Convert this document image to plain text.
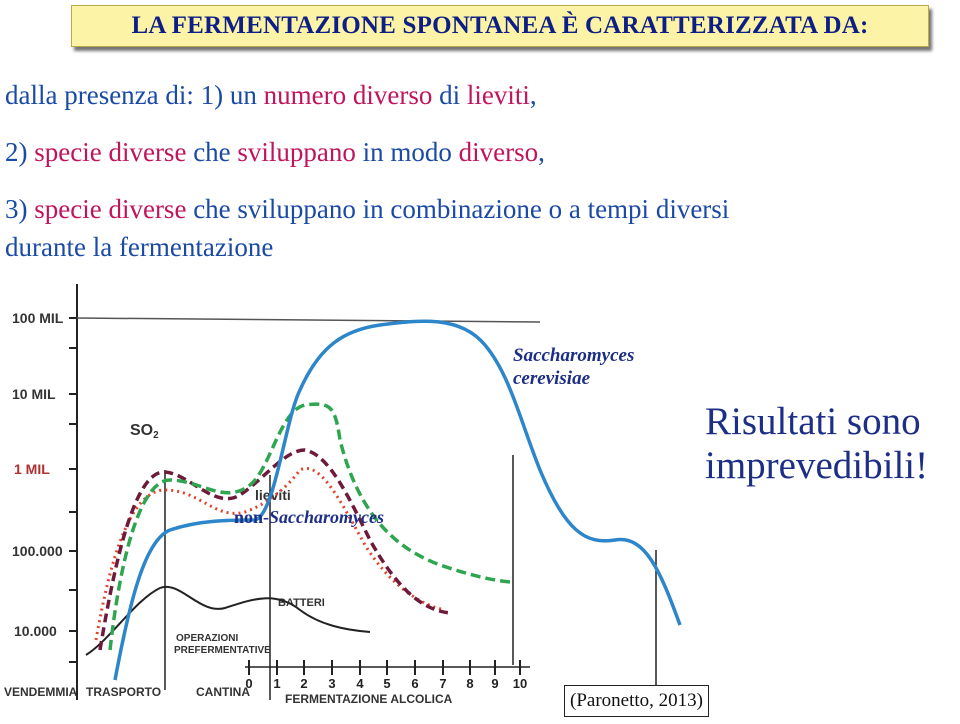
LA FERMENTAZIONE SPONTANEA È CARATTERIZZATA DA:
dalla presenza di: 1) un numero diverso di lieviti,
2) specie diverse che sviluppano in modo diverso,
3) specie diverse che sviluppano in combinazione o a tempi diversi
durante la fermentazione
100 MIL
10 MIL
1 MIL
100.000
10.000
0 1 2 3 4 5 6 7 8 9 10
VENDEMMIA TRASPORTO	CANTINA	FERMENTAZIONE ALCOLICA
OPERAZIONI
PREFERMENTATIVE
BATTERI
SO2
lieviti
Saccharomyces
cerevisiae
non-Saccharomyces
Risultati sono
imprevedibili!
(Paronetto, 2013)
